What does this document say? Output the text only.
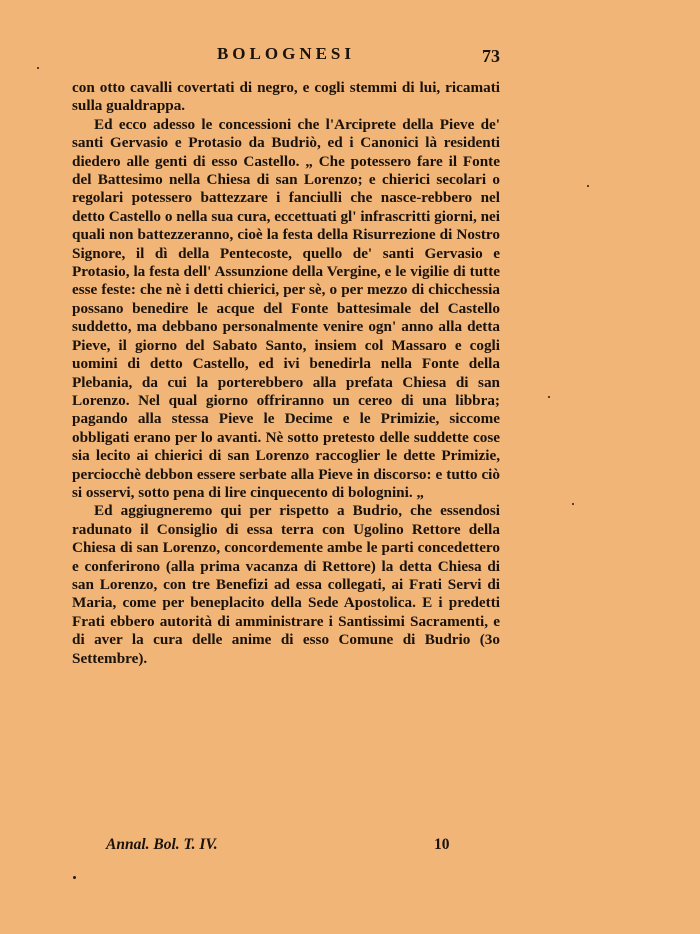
BOLOGNESI	73

con otto cavalli covertati di negro, e cogli stemmi di lui, ricamati sulla gualdrappa.

Ed ecco adesso le concessioni che l'Arciprete della Pieve de' santi Gervasio e Protasio da Budriò, ed i Canonici là residenti diedero alle genti di esso Castello. „ Che potessero fare il Fonte del Battesimo nella Chiesa di san Lorenzo; e chierici secolari o regolari potessero battezzare i fanciulli che nasce-rebbero nel detto Castello o nella sua cura, eccettuati gl' infrascritti giorni, nei quali non battezzeranno, cioè la festa della Risurrezione di Nostro Signore, il dì della Pentecoste, quello de' santi Gervasio e Protasio, la festa dell' Assunzione della Vergine, e le vigilie di tutte esse feste: che nè i detti chierici, per sè, o per mezzo di chicchessia possano benedire le acque del Fonte battesimale del Castello suddetto, ma debbano personalmente venire ogn' anno alla detta Pieve, il giorno del Sabato Santo, insiem col Massaro e cogli uomini di detto Castello, ed ivi benedirla nella Fonte della Plebania, da cui la porterebbero alla prefata Chiesa di san Lorenzo. Nel qual giorno offriranno un cereo di una libbra; pagando alla stessa Pieve le Decime e le Primizie, siccome obbligati erano per lo avanti. Nè sotto pretesto delle suddette cose sia lecito ai chierici di san Lorenzo raccoglier le dette Primizie, perciocchè debbon essere serbate alla Pieve in discorso: e tutto ciò si osservi, sotto pena di lire cinquecento di bolognini. „

Ed aggiugneremo qui per rispetto a Budrio, che essendosi radunato il Consiglio di essa terra con Ugolino Rettore della Chiesa di san Lorenzo, concordemente ambe le parti concedettero e conferirono (alla prima vacanza di Rettore) la detta Chiesa di san Lorenzo, con tre Benefizi ad essa collegati, ai Frati Servi di Maria, come per beneplacito della Sede Apostolica. E i predetti Frati ebbero autorità di amministrare i Santissimi Sacramenti, e di aver la cura delle anime di esso Comune di Budrio (3o Settembre).

Annal. Bol. T. IV.	10
